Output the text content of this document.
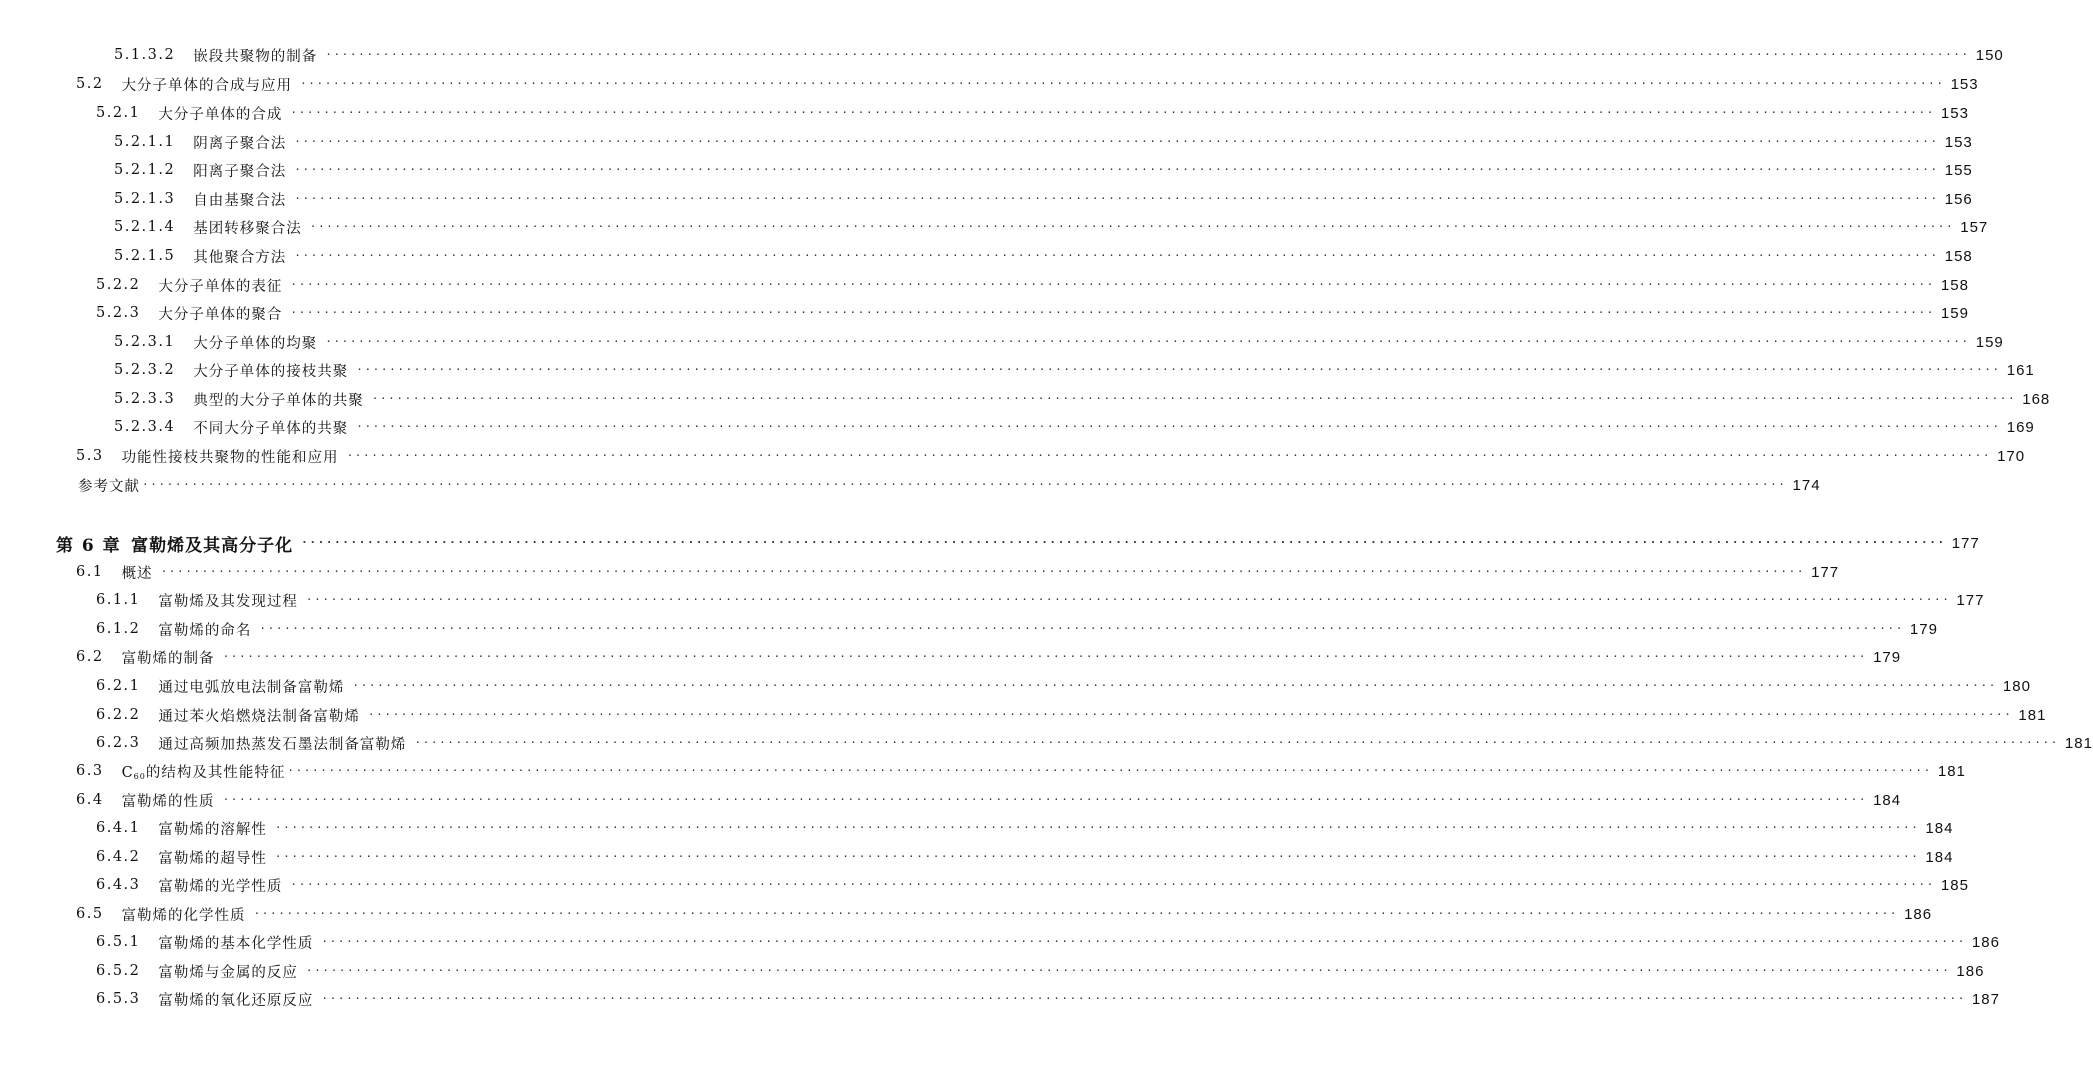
5.1.3.2 嵌段共聚物的制备 ········································································································································································································ 150
5.2 大分子单体的合成与应用 ········································································································································································································ 153
5.2.1 大分子单体的合成 ········································································································································································································ 153
5.2.1.1 阴离子聚合法 ········································································································································································································ 153
5.2.1.2 阳离子聚合法 ········································································································································································································ 155
5.2.1.3 自由基聚合法 ········································································································································································································ 156
5.2.1.4 基团转移聚合法 ········································································································································································································ 157
5.2.1.5 其他聚合方法 ········································································································································································································ 158
5.2.2 大分子单体的表征 ········································································································································································································ 158
5.2.3 大分子单体的聚合 ········································································································································································································ 159
5.2.3.1 大分子单体的均聚 ········································································································································································································ 159
5.2.3.2 大分子单体的接枝共聚 ········································································································································································································ 161
5.2.3.3 典型的大分子单体的共聚 ········································································································································································································ 168
5.2.3.4 不同大分子单体的共聚 ········································································································································································································ 169
5.3 功能性接枝共聚物的性能和应用 ········································································································································································································ 170
参考文献 ········································································································································································································ 174
第 6 章 富勒烯及其高分子化 ········································································································································································································ 177
6.1 概述 ········································································································································································································ 177
6.1.1 富勒烯及其发现过程 ········································································································································································································ 177
6.1.2 富勒烯的命名 ········································································································································································································ 179
6.2 富勒烯的制备 ········································································································································································································ 179
6.2.1 通过电弧放电法制备富勒烯 ········································································································································································································ 180
6.2.2 通过苯火焰燃烧法制备富勒烯 ········································································································································································································ 181
6.2.3 通过高频加热蒸发石墨法制备富勒烯 ········································································································································································································ 181
6.3 $C_{60}$的结构及其性能特征 ········································································································································································································ 181
6.4 富勒烯的性质 ········································································································································································································ 184
6.4.1 富勒烯的溶解性 ········································································································································································································ 184
6.4.2 富勒烯的超导性 ········································································································································································································ 184
6.4.3 富勒烯的光学性质 ········································································································································································································ 185
6.5 富勒烯的化学性质 ········································································································································································································ 186
6.5.1 富勒烯的基本化学性质 ········································································································································································································ 186
6.5.2 富勒烯与金属的反应 ········································································································································································································ 186
6.5.3 富勒烯的氧化还原反应 ········································································································································································································ 187
